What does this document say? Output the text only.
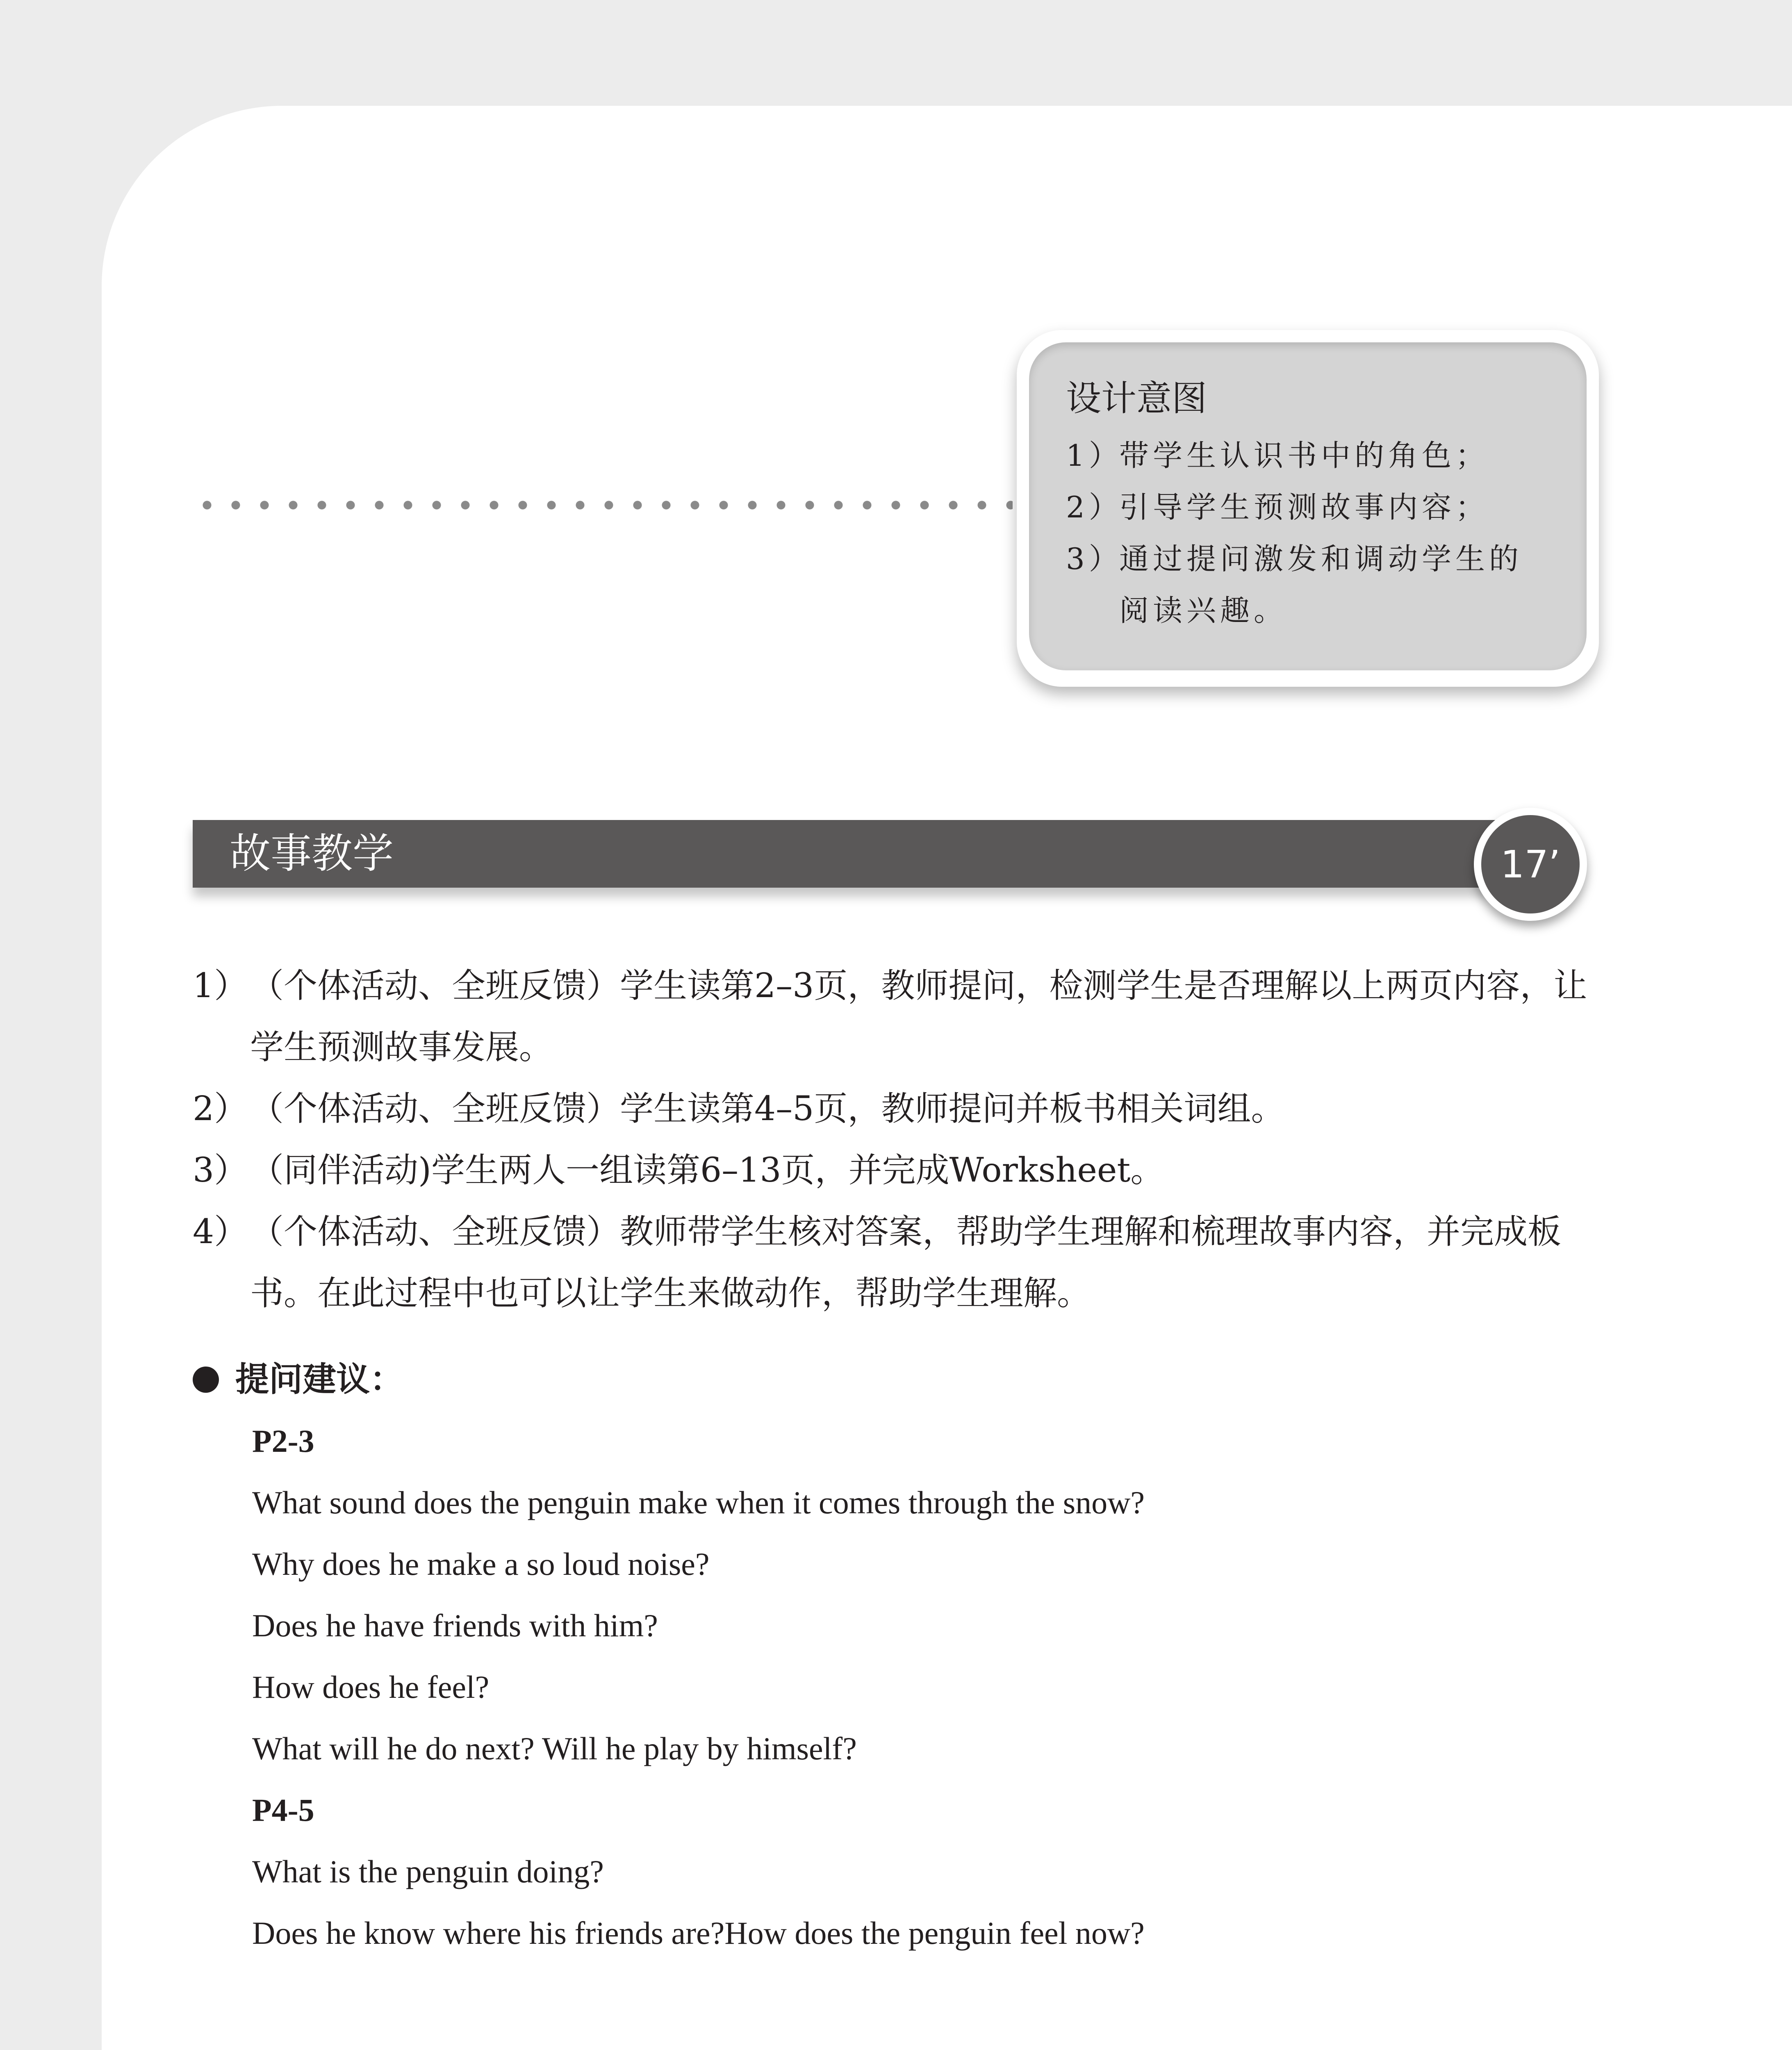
设计意图
1）
带学生认识书中的角色；
2）
引导学生预测故事内容；
3）
通过提问激发和调动学生的阅读兴趣。
故事教学	17’
1） （个体活动、全班反馈）学生读第2–3页，教师提问，检测学生是否理解以上两页内容，让学生预测故事发展。
2） （个体活动、全班反馈）学生读第4–5页，教师提问并板书相关词组。
3） （同伴活动)学生两人一组读第6–13页，并完成Worksheet。
4） （个体活动、全班反馈）教师带学生核对答案，帮助学生理解和梳理故事内容，并完成板书。在此过程中也可以让学生来做动作，帮助学生理解。
提问建议：
P2-3
What sound does the penguin make when it comes through the snow?
Why does he make a so loud noise?
Does he have friends with him?
How does he feel?
What will he do next? Will he play by himself?
P4-5
What is the penguin doing?
Does he know where his friends are?How does the penguin feel now?
